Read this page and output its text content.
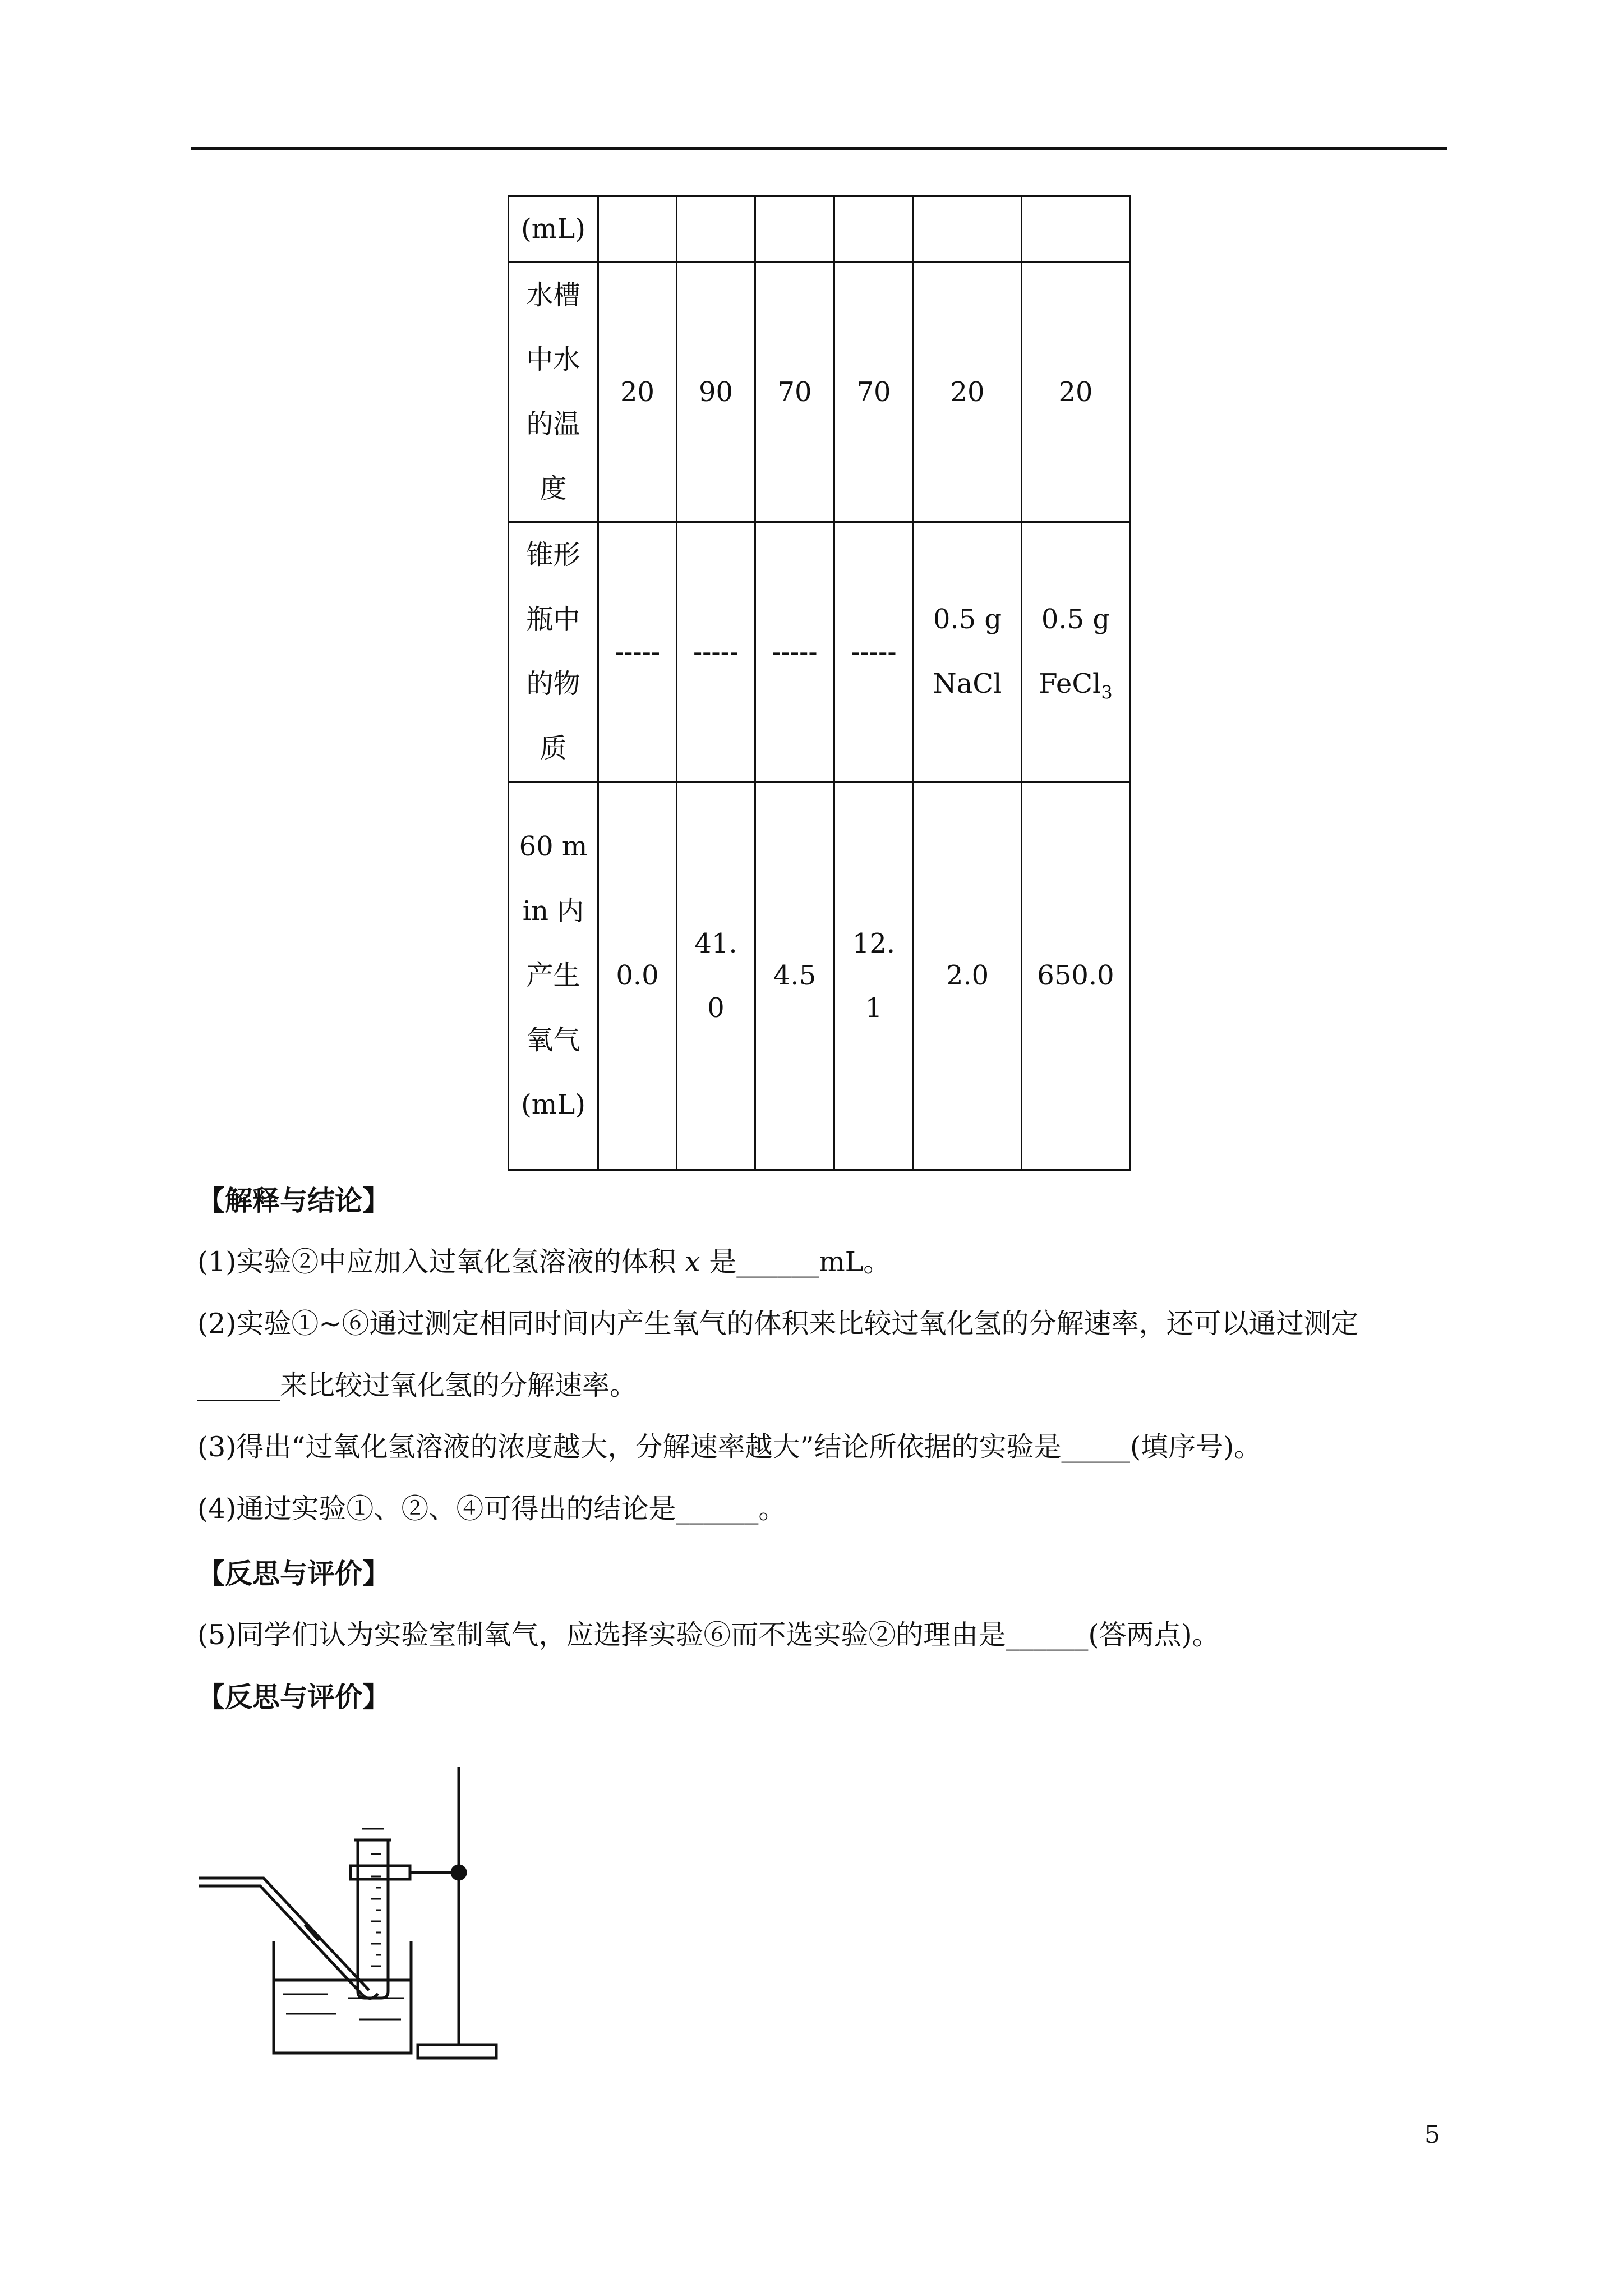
(mL)						
水槽中水的温度	20	90	70	70	20	20
锥形瓶中的物质	-----	-----	-----	-----	0.5 g NaCl	0.5 g FeCl$_3$
60 min 内产生氧气 (mL)	0.0	41.0	4.5	12.1	2.0	650.0
【解释与结论】
(1)实验②中应加入过氧化氢溶液的体积 x 是______mL。
(2)实验①~⑥通过测定相同时间内产生氧气的体积来比较过氧化氢的分解速率，还可以通过测定
______来比较过氧化氢的分解速率。
(3)得出“过氧化氢溶液的浓度越大，分解速率越大”结论所依据的实验是_____(填序号)。
(4)通过实验①、②、④可得出的结论是______。
【反思与评价】
(5)同学们认为实验室制氧气，应选择实验⑥而不选实验②的理由是______(答两点)。
【反思与评价】
5
